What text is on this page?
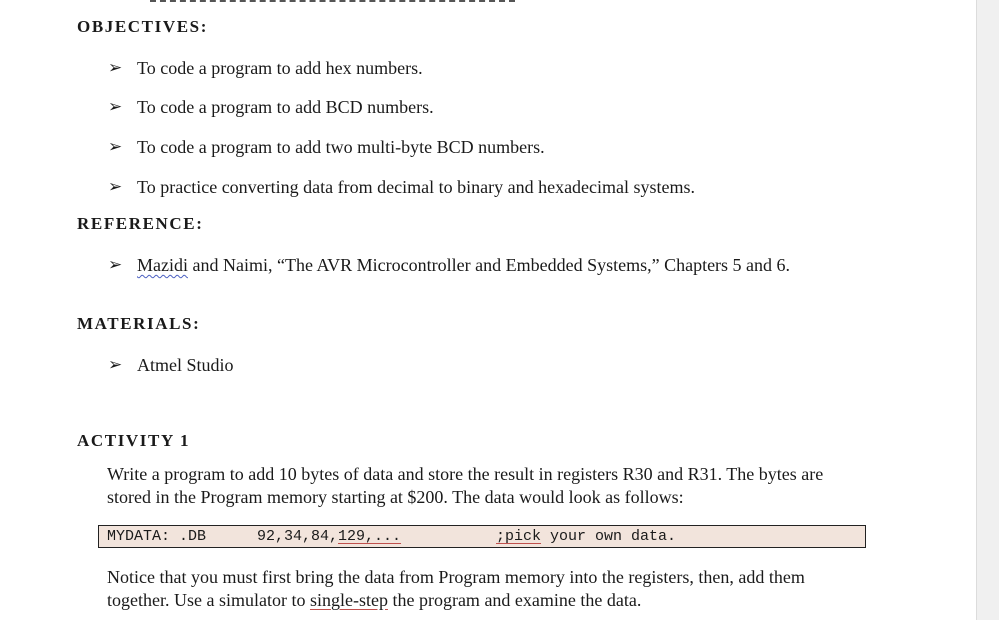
OBJECTIVES:
➢ To code a program to add hex numbers.
➢ To code a program to add BCD numbers.
➢ To code a program to add two multi-byte BCD numbers.
➢ To practice converting data from decimal to binary and hexadecimal systems.
REFERENCE:
➢ Mazidi and Naimi, “The AVR Microcontroller and Embedded Systems,” Chapters 5 and 6.
MATERIALS:
➢ Atmel Studio
ACTIVITY 1

Write a program to add 10 bytes of data and store the result in registers R30 and R31. The bytes are stored in the Program memory starting at $200. The data would look as follows:

MYDATA: .DB

	92,34,84,129,...

	;pick your own data.

Notice that you must first bring the data from Program memory into the registers, then, add them together. Use a simulator to single-step the program and examine the data.
